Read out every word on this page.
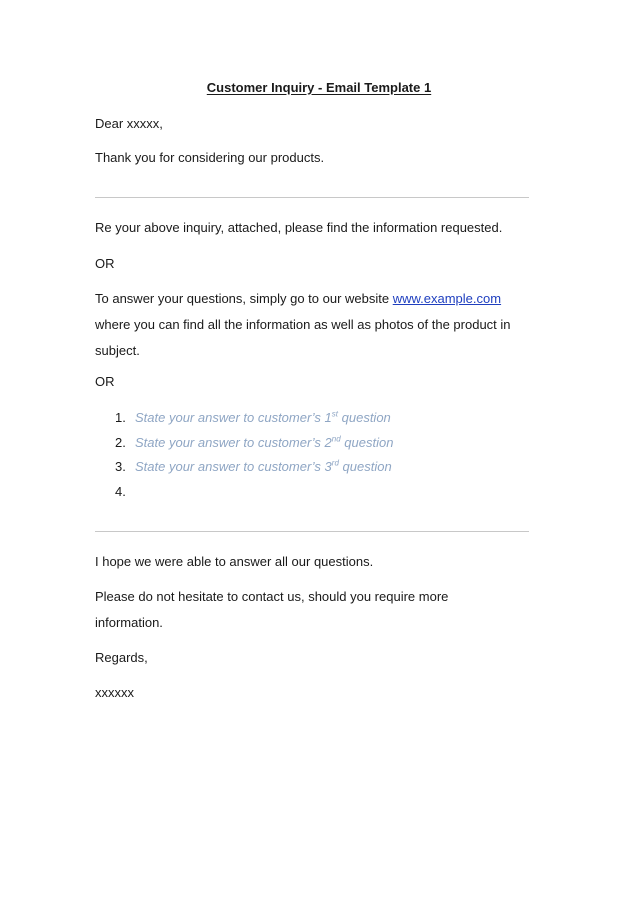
Customer Inquiry - Email Template 1
Dear xxxxx,
Thank you for considering our products.
Re your above inquiry, attached, please find the information requested.
OR
To answer your questions, simply go to our website www.example.com
where you can find all the information as well as photos of the product in
subject.
OR
1. State your answer to customer’s 1st question
2. State your answer to customer’s 2nd question
3. State your answer to customer’s 3rd question
4.
I hope we were able to answer all our questions.
Please do not hesitate to contact us, should you require more
information.
Regards,
xxxxxx
